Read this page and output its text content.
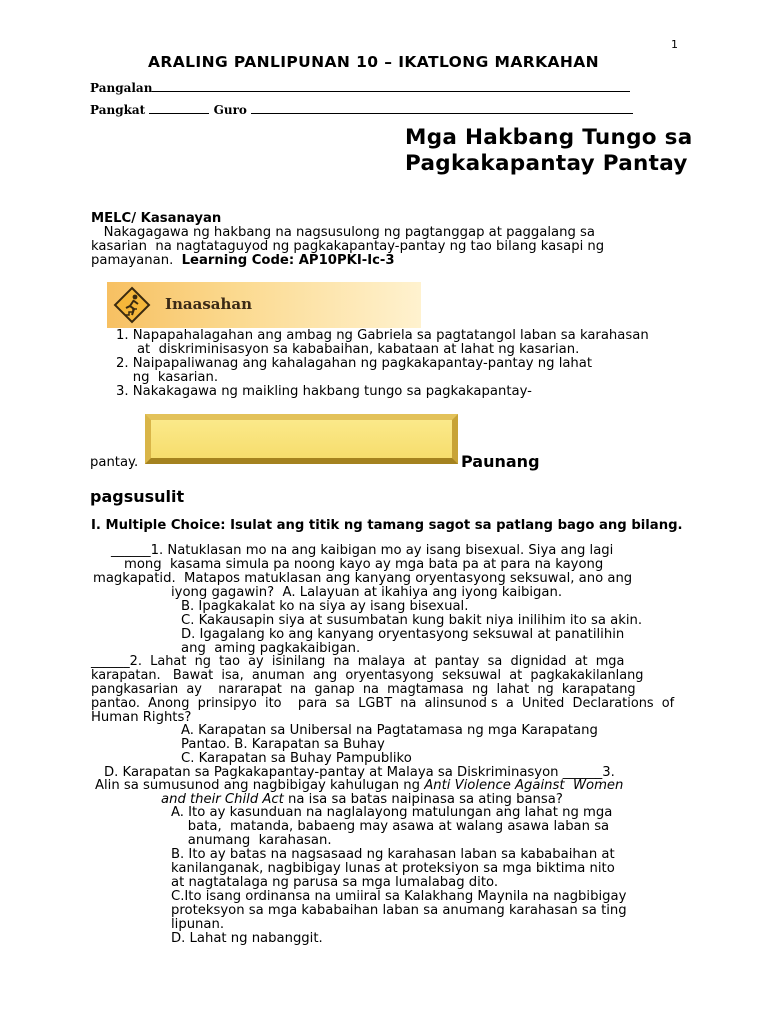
1
ARALING PANLIPUNAN 10 – IKATLONG MARKAHAN
Pangalan
Pangkat	Guro
Mga Hakbang Tungo sa
Pagkakapantay Pantay
MELC/ Kasanayan
Nakagagawa ng hakbang na nagsusulong ng pagtanggap at paggalang sa
kasarian  na nagtataguyod ng pagkakapantay-pantay ng tao bilang kasapi ng
pamayanan. Learning Code: AP10PKI-Ic-3
Inaasahan
1. Napapahalagahan ang ambag ng Gabriela sa pagtatangol laban sa karahasan
at  diskriminisasyon sa kababaihan, kabataan at lahat ng kasarian.
2. Naipapaliwanag ang kahalagahan ng pagkakapantay-pantay ng lahat
ng  kasarian.
3. Nakakagawa ng maikling hakbang tungo sa pagkakapantay-
pantay.	Paunang
pagsusulit
I. Multiple Choice: Isulat ang titik ng tamang sagot sa patlang bago ang bilang.
______1. Natuklasan mo na ang kaibigan mo ay isang bisexual. Siya ang lagi
mong  kasama simula pa noong kayo ay mga bata pa at para na kayong
magkapatid.  Matapos matuklasan ang kanyang oryentasyong seksuwal, ano ang
iyong gagawin?  A. Lalayuan at ikahiya ang iyong kaibigan.
B. Ipagkakalat ko na siya ay isang bisexual.
C. Kakausapin siya at susumbatan kung bakit niya inilihim ito sa akin.
D. Igagalang ko ang kanyang oryentasyong seksuwal at panatilihin
ang  aming pagkakaibigan.
______2.  Lahat  ng  tao  ay  isinilang  na  malaya  at  pantay  sa  dignidad  at  mga
karapatan.   Bawat  isa,  anuman  ang  oryentasyong  seksuwal  at  pagkakakilanlang
pangkasarian  ay    nararapat  na  ganap  na  magtamasa  ng  lahat  ng  karapatang
pantao.  Anong  prinsipyo  ito    para  sa  LGBT  na  alinsunod s  a  United  Declarations  of
Human Rights?
A. Karapatan sa Unibersal na Pagtatamasa ng mga Karapatang
Pantao. B. Karapatan sa Buhay
C. Karapatan sa Buhay Pampubliko
D. Karapatan sa Pagkakapantay-pantay at Malaya sa Diskriminasyon ______3.
Alin sa sumusunod ang nagbibigay kahulugan ng Anti Violence Against  Women
and their Child Act na isa sa batas naipinasa sa ating bansa?
A. Ito ay kasunduan na naglalayong matulungan ang lahat ng mga
bata,  matanda, babaeng may asawa at walang asawa laban sa
anumang  karahasan.
B. Ito ay batas na nagsasaad ng karahasan laban sa kababaihan at
kanilanganak, nagbibigay lunas at proteksiyon sa mga biktima nito
at nagtatalaga ng parusa sa mga lumalabag dito.
C.Ito isang ordinansa na umiiral sa Kalakhang Maynila na nagbibigay
proteksyon sa mga kababaihan laban sa anumang karahasan sa ting
lipunan.
D. Lahat ng nabanggit.
